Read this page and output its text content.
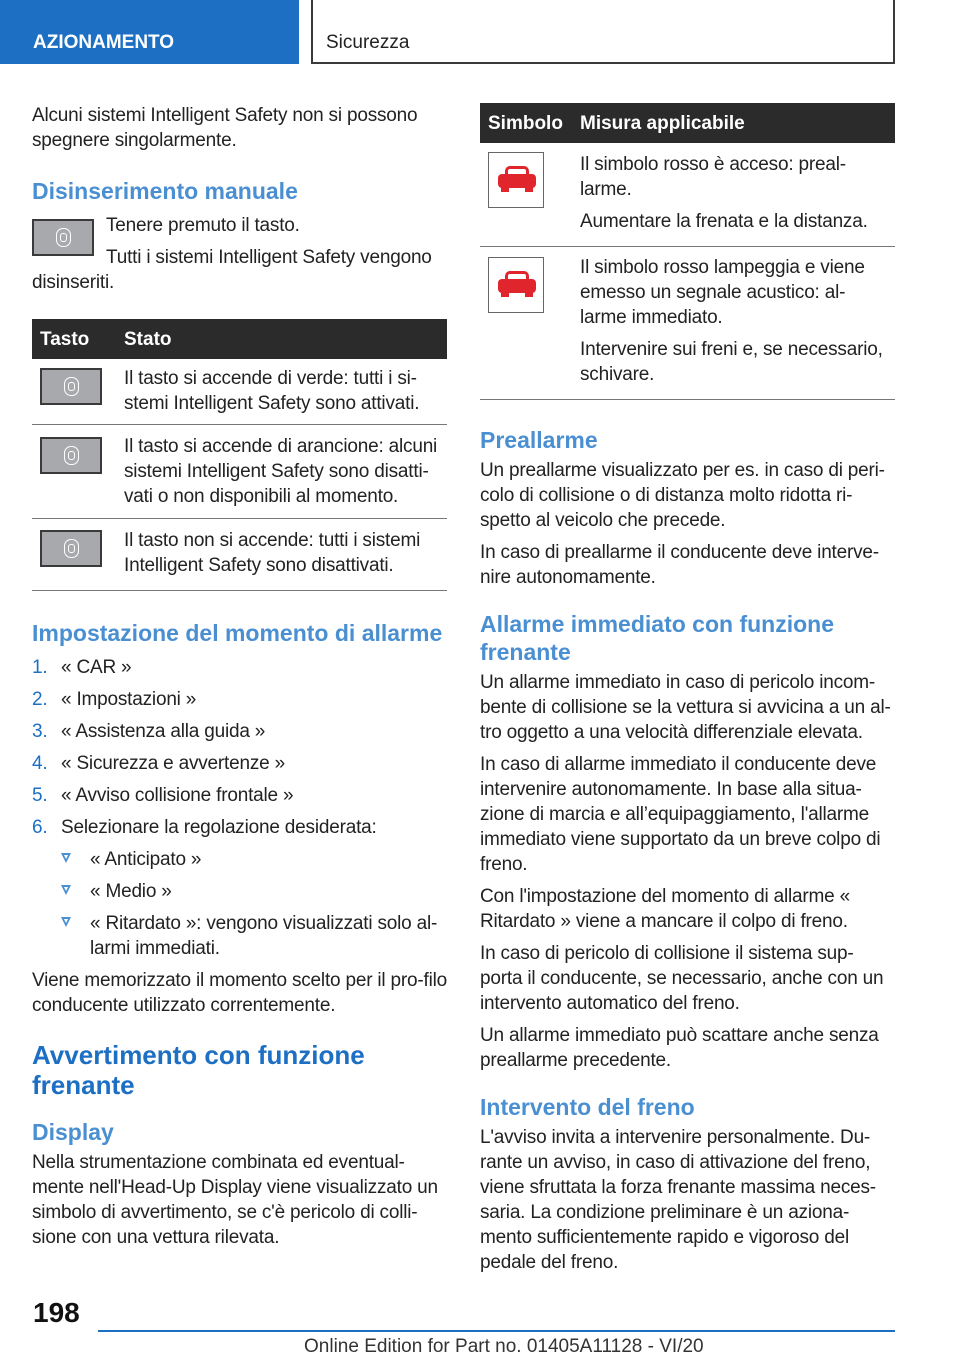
AZIONAMENTO	Sicurezza

Alcuni sistemi Intelligent Safety non si possono spegnere singolarmente.

Disinserimento manuale

Tenere premuto il tasto.

Tutti i sistemi Intelligent Safety vengono disinseriti.

Tasto	Stato

	Il tasto si accende di verde: tutti i si-stemi Intelligent Safety sono attivati.

	Il tasto si accende di arancione: alcuni sistemi Intelligent Safety sono disatti-vati o non disponibili al momento.

	Il tasto non si accende: tutti i sistemi Intelligent Safety sono disattivati.

Impostazione del momento di allarme
1. « CAR »
2. « Impostazioni »
3. « Assistenza alla guida »
4. « Sicurezza e avvertenze »
5. « Avviso collisione frontale »
6. Selezionare la regolazione desiderata:
« Anticipato »
« Medio »
« Ritardato »: vengono visualizzati solo al-larmi immediati.

Viene memorizzato il momento scelto per il pro-filo conducente utilizzato correntemente.

Avvertimento con funzione frenante
Display

Nella strumentazione combinata ed eventual-mente nell'Head-Up Display viene visualizzato un simbolo di avvertimento, se c'è pericolo di colli-sione con una vettura rilevata.

Simbolo	Misura applicabile

	Il simbolo rosso è acceso: preal-larme.

Aumentare la frenata e la distanza.

	Il simbolo rosso lampeggia e viene emesso un segnale acustico: al-larme immediato.

Intervenire sui freni e, se necessario, schivare.

Preallarme

Un preallarme visualizzato per es. in caso di peri-colo di collisione o di distanza molto ridotta ri-spetto al veicolo che precede.

In caso di preallarme il conducente deve interve-nire autonomamente.

Allarme immediato con funzione frenante

Un allarme immediato in caso di pericolo incom-bente di collisione se la vettura si avvicina a un al-tro oggetto a una velocità differenziale elevata.

In caso di allarme immediato il conducente deve intervenire autonomamente. In base alla situa-zione di marcia e all’equipaggiamento, l'allarme immediato viene supportato da un breve colpo di freno.

Con l'impostazione del momento di allarme « Ritardato » viene a mancare il colpo di freno.

In caso di pericolo di collisione il sistema sup-porta il conducente, se necessario, anche con un intervento automatico del freno.

Un allarme immediato può scattare anche senza preallarme precedente.

Intervento del freno

L'avviso invita a intervenire personalmente. Du-rante un avviso, in caso di attivazione del freno, viene sfruttata la forza frenante massima neces-saria. La condizione preliminare è un aziona-mento sufficientemente rapido e vigoroso del pedale del freno.

198
Online Edition for Part no. 01405A11128 - VI/20
